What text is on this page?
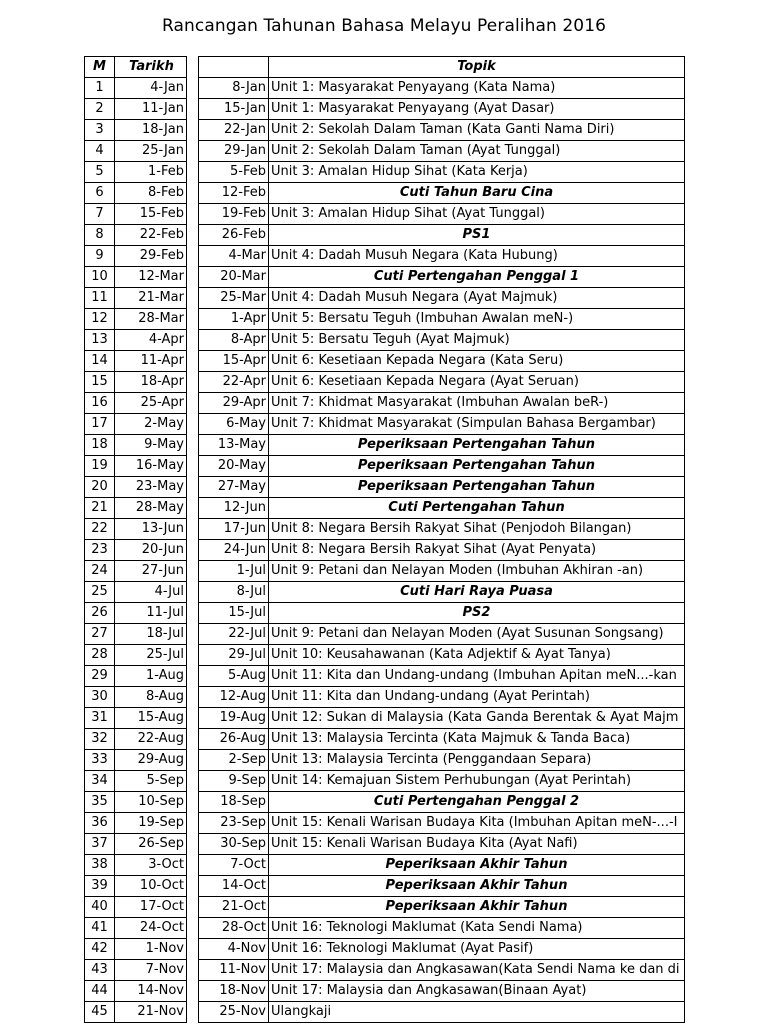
Rancangan Tahunan Bahasa Melayu Peralihan 2016
M	Tarikh			Topik
1	4-Jan		8-Jan	Unit 1: Masyarakat Penyayang (Kata Nama)
2	11-Jan		15-Jan	Unit 1: Masyarakat Penyayang (Ayat Dasar)
3	18-Jan		22-Jan	Unit 2: Sekolah Dalam Taman (Kata Ganti Nama Diri)
4	25-Jan		29-Jan	Unit 2: Sekolah Dalam Taman (Ayat Tunggal)
5	1-Feb		5-Feb	Unit 3: Amalan Hidup Sihat (Kata Kerja)
6	8-Feb		12-Feb	Cuti Tahun Baru Cina
7	15-Feb		19-Feb	Unit 3: Amalan Hidup Sihat (Ayat Tunggal)
8	22-Feb		26-Feb	PS1
9	29-Feb		4-Mar	Unit 4: Dadah Musuh Negara (Kata Hubung)
10	12-Mar		20-Mar	Cuti Pertengahan Penggal 1
11	21-Mar		25-Mar	Unit 4: Dadah Musuh Negara (Ayat Majmuk)
12	28-Mar		1-Apr	Unit 5: Bersatu Teguh (Imbuhan Awalan meN-)
13	4-Apr		8-Apr	Unit 5: Bersatu Teguh (Ayat Majmuk)
14	11-Apr		15-Apr	Unit 6: Kesetiaan Kepada Negara (Kata Seru)
15	18-Apr		22-Apr	Unit 6: Kesetiaan Kepada Negara (Ayat Seruan)
16	25-Apr		29-Apr	Unit 7: Khidmat Masyarakat (Imbuhan Awalan beR-)
17	2-May		6-May	Unit 7: Khidmat Masyarakat (Simpulan Bahasa Bergambar)
18	9-May		13-May	Peperiksaan Pertengahan Tahun
19	16-May		20-May	Peperiksaan Pertengahan Tahun
20	23-May		27-May	Peperiksaan Pertengahan Tahun
21	28-May		12-Jun	Cuti Pertengahan Tahun
22	13-Jun		17-Jun	Unit 8: Negara Bersih Rakyat Sihat (Penjodoh Bilangan)
23	20-Jun		24-Jun	Unit 8: Negara Bersih Rakyat Sihat (Ayat Penyata)
24	27-Jun		1-Jul	Unit 9: Petani dan Nelayan Moden (Imbuhan Akhiran -an)
25	4-Jul		8-Jul	Cuti Hari Raya Puasa
26	11-Jul		15-Jul	PS2
27	18-Jul		22-Jul	Unit 9: Petani dan Nelayan Moden (Ayat Susunan Songsang)
28	25-Jul		29-Jul	Unit 10: Keusahawanan (Kata Adjektif & Ayat Tanya)
29	1-Aug		5-Aug	Unit 11: Kita dan Undang-undang (Imbuhan Apitan meN...-kan
30	8-Aug		12-Aug	Unit 11: Kita dan Undang-undang (Ayat Perintah)
31	15-Aug		19-Aug	Unit 12: Sukan di Malaysia (Kata Ganda Berentak & Ayat Majm
32	22-Aug		26-Aug	Unit 13: Malaysia Tercinta (Kata Majmuk & Tanda Baca)
33	29-Aug		2-Sep	Unit 13: Malaysia Tercinta (Penggandaan Separa)
34	5-Sep		9-Sep	Unit 14: Kemajuan Sistem Perhubungan (Ayat Perintah)
35	10-Sep		18-Sep	Cuti Pertengahan Penggal 2
36	19-Sep		23-Sep	Unit 15: Kenali Warisan Budaya Kita (Imbuhan Apitan meN-...-I
37	26-Sep		30-Sep	Unit 15: Kenali Warisan Budaya Kita (Ayat Nafi)
38	3-Oct		7-Oct	Peperiksaan Akhir Tahun
39	10-Oct		14-Oct	Peperiksaan Akhir Tahun
40	17-Oct		21-Oct	Peperiksaan Akhir Tahun
41	24-Oct		28-Oct	Unit 16: Teknologi Maklumat (Kata Sendi Nama)
42	1-Nov		4-Nov	Unit 16: Teknologi Maklumat (Ayat Pasif)
43	7-Nov		11-Nov	Unit 17: Malaysia dan Angkasawan(Kata Sendi Nama ke dan di
44	14-Nov		18-Nov	Unit 17: Malaysia dan Angkasawan(Binaan Ayat)
45	21-Nov		25-Nov	Ulangkaji
